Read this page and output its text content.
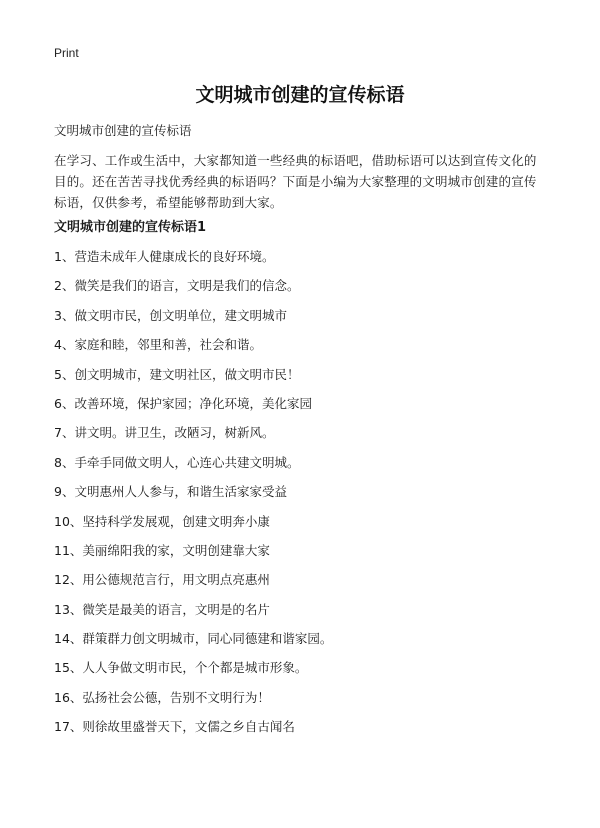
Print
文明城市创建的宣传标语

文明城市创建的宣传标语

在学习、工作或生活中，大家都知道一些经典的标语吧，借助标语可以达到宣传文化的目的。还在苦苦寻找优秀经典的标语吗？下面是小编为大家整理的文明城市创建的宣传标语，仅供参考，希望能够帮助到大家。

文明城市创建的宣传标语1
1、营造未成年人健康成长的良好环境。
2、微笑是我们的语言，文明是我们的信念。
3、做文明市民，创文明单位，建文明城市
4、家庭和睦，邻里和善，社会和谐。
5、创文明城市，建文明社区，做文明市民！
6、改善环境，保护家园；净化环境，美化家园
7、讲文明。讲卫生，改陋习，树新风。
8、手牵手同做文明人，心连心共建文明城。
9、文明惠州人人参与，和谐生活家家受益
10、坚持科学发展观，创建文明奔小康
11、美丽绵阳我的家，文明创建靠大家
12、用公德规范言行，用文明点亮惠州
13、微笑是最美的语言，文明是的名片
14、群策群力创文明城市，同心同德建和谐家园。
15、人人争做文明市民，个个都是城市形象。
16、弘扬社会公德，告别不文明行为！
17、则徐故里盛誉天下，文儒之乡自古闻名
